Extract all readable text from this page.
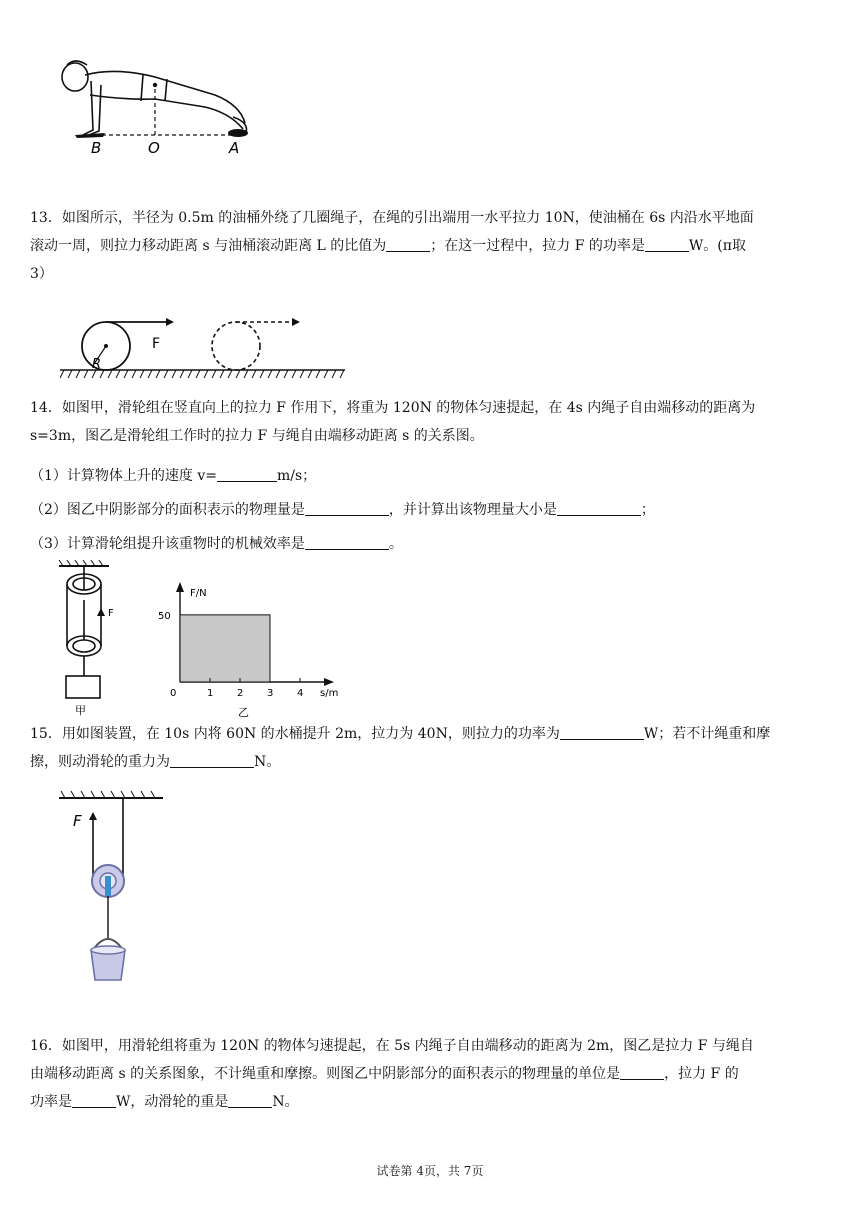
B	O	A

13．如图所示，半径为 0.5m 的油桶外绕了几圈绳子，在绳的引出端用一水平拉力 10N，使油桶在 6s 内沿水平地面

滚动一周，则拉力移动距离 s 与油桶滚动距离 L 的比值为	；在这一过程中，拉力 F 的功率是	W。(π取

3）

R
F

14．如图甲，滑轮组在竖直向上的拉力 F 作用下，将重为 120N 的物体匀速提起，在 4s 内绳子自由端移动的距离为

s=3m，图乙是滑轮组工作时的拉力 F 与绳自由端移动距离 s 的关系图。

（1）计算物体上升的速度 v=	m/s；
（2）图乙中阴影部分的面积表示的物理量是	，并计算出该物理量大小是	；
（3）计算滑轮组提升该重物时的机械效率是	。
F
甲
F/N
s/m
0	1 2 3 4
50
乙

15．用如图装置，在 10s 内将 60N 的水桶提升 2m，拉力为 40N，则拉力的功率为	W；若不计绳重和摩

擦，则动滑轮的重力为	N。

F

16．如图甲，用滑轮组将重为 120N 的物体匀速提起，在 5s 内绳子自由端移动的距离为 2m，图乙是拉力 F 与绳自

由端移动距离 s 的关系图象，不计绳重和摩擦。则图乙中阴影部分的面积表示的物理量的单位是	，拉力 F 的

功率是	W，动滑轮的重是	N。

试卷第 4页，共 7页
